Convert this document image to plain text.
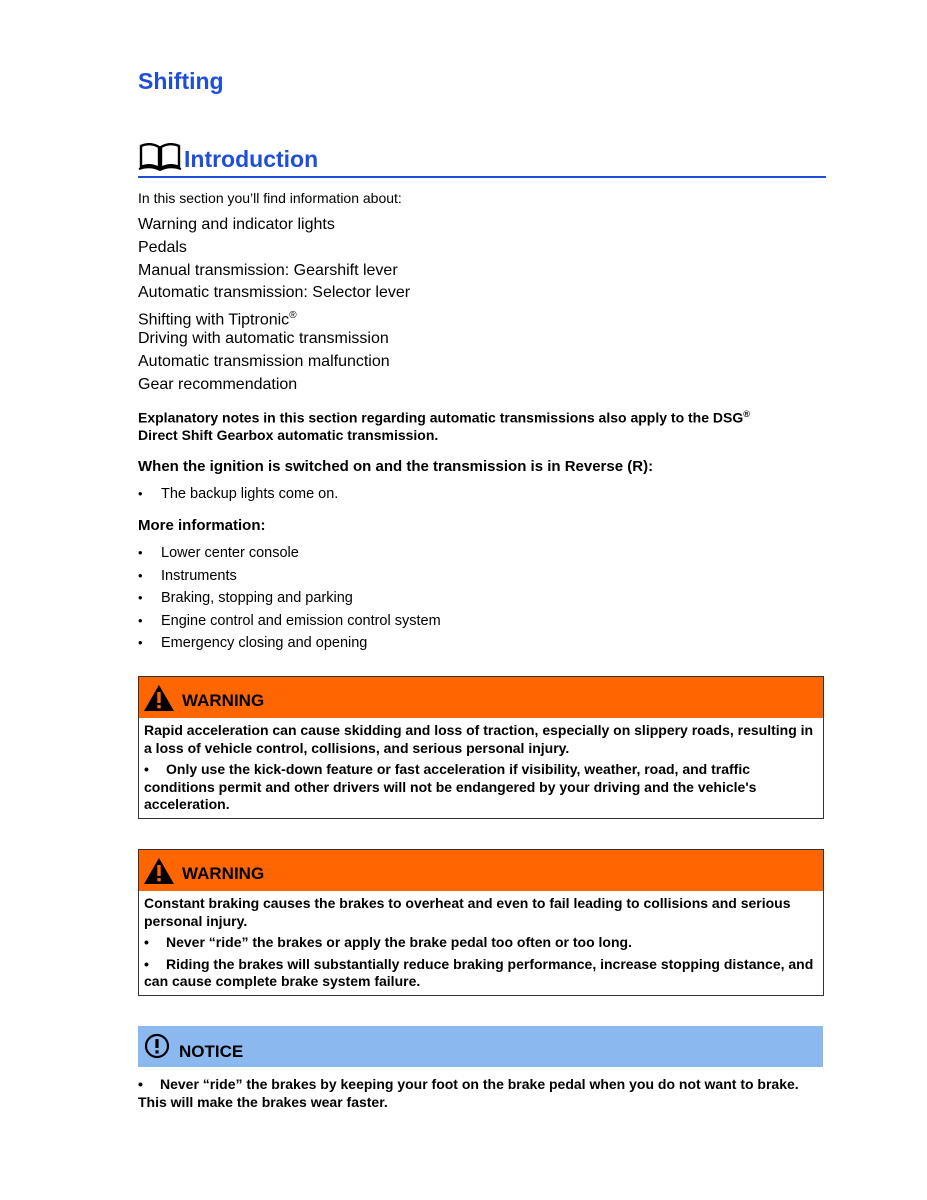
Shifting
Introduction
In this section you’ll find information about:
Warning and indicator lights
Pedals
Manual transmission: Gearshift lever
Automatic transmission: Selector lever
Shifting with Tiptronic®
Driving with automatic transmission
Automatic transmission malfunction
Gear recommendation
Explanatory notes in this section regarding automatic transmissions also apply to the DSG®
Direct Shift Gearbox automatic transmission.
When the ignition is switched on and the transmission is in Reverse (R):
• The backup lights come on.
More information:
• Lower center console
• Instruments
• Braking, stopping and parking
• Engine control and emission control system
• Emergency closing and opening
WARNING

Rapid acceleration can cause skidding and loss of traction, especially on slippery roads, resulting in a loss of vehicle control, collisions, and serious personal injury.

• Only use the kick-down feature or fast acceleration if visibility, weather, road, and traffic conditions permit and other drivers will not be endangered by your driving and the vehicle's acceleration.

WARNING

Constant braking causes the brakes to overheat and even to fail leading to collisions and serious personal injury.

• Never “ride” the brakes or apply the brake pedal too often or too long.

• Riding the brakes will substantially reduce braking performance, increase stopping distance, and can cause complete brake system failure.

NOTICE
• Never “ride” the brakes by keeping your foot on the brake pedal when you do not want to brake. This will make the brakes wear faster.
